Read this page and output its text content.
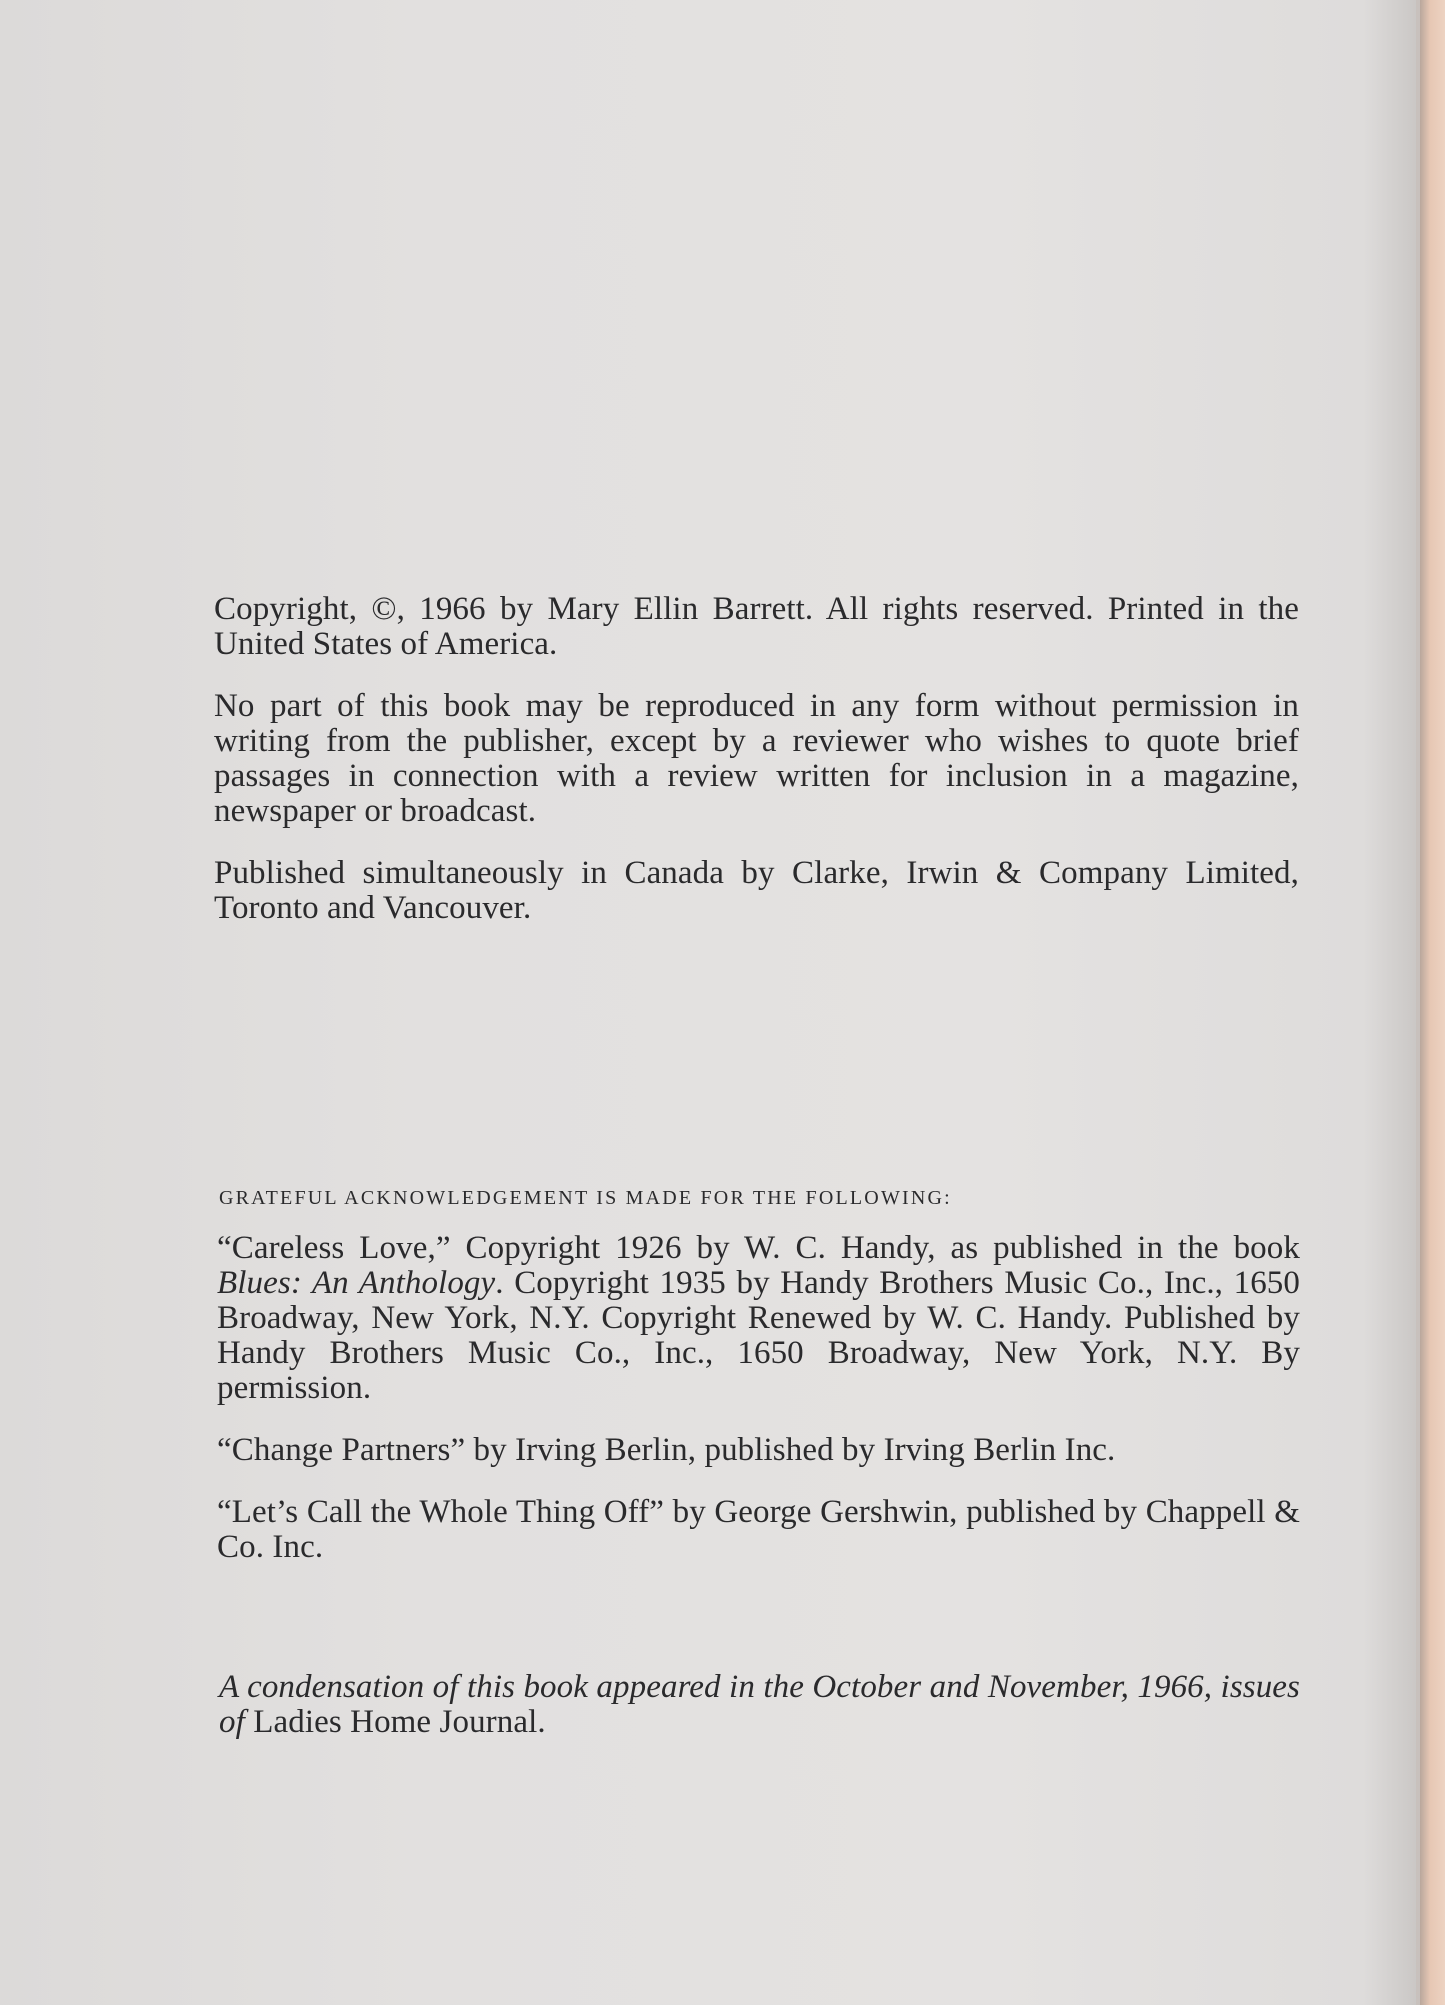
Copyright, ©, 1966 by Mary Ellin Barrett. All rights reserved. Printed in the United States of America.

No part of this book may be reproduced in any form without permission in writing from the publisher, except by a reviewer who wishes to quote brief passages in connection with a review written for inclusion in a magazine, newspaper or broadcast.

Published simultaneously in Canada by Clarke, Irwin & Company Limited, Toronto and Vancouver.

GRATEFUL ACKNOWLEDGEMENT IS MADE FOR THE FOLLOWING:

“Careless Love,” Copyright 1926 by W. C. Handy, as published in the book Blues: An Anthology. Copyright 1935 by Handy Brothers Music Co., Inc., 1650 Broadway, New York, N.Y. Copyright Renewed by W. C. Handy. Published by Handy Brothers Music Co., Inc., 1650 Broadway, New York, N.Y. By permission.

“Change Partners” by Irving Berlin, published by Irving Berlin Inc.

“Let’s Call the Whole Thing Off” by George Gershwin, published by Chappell & Co. Inc.

A condensation of this book appeared in the October and November, 1966, issues of Ladies Home Journal.
